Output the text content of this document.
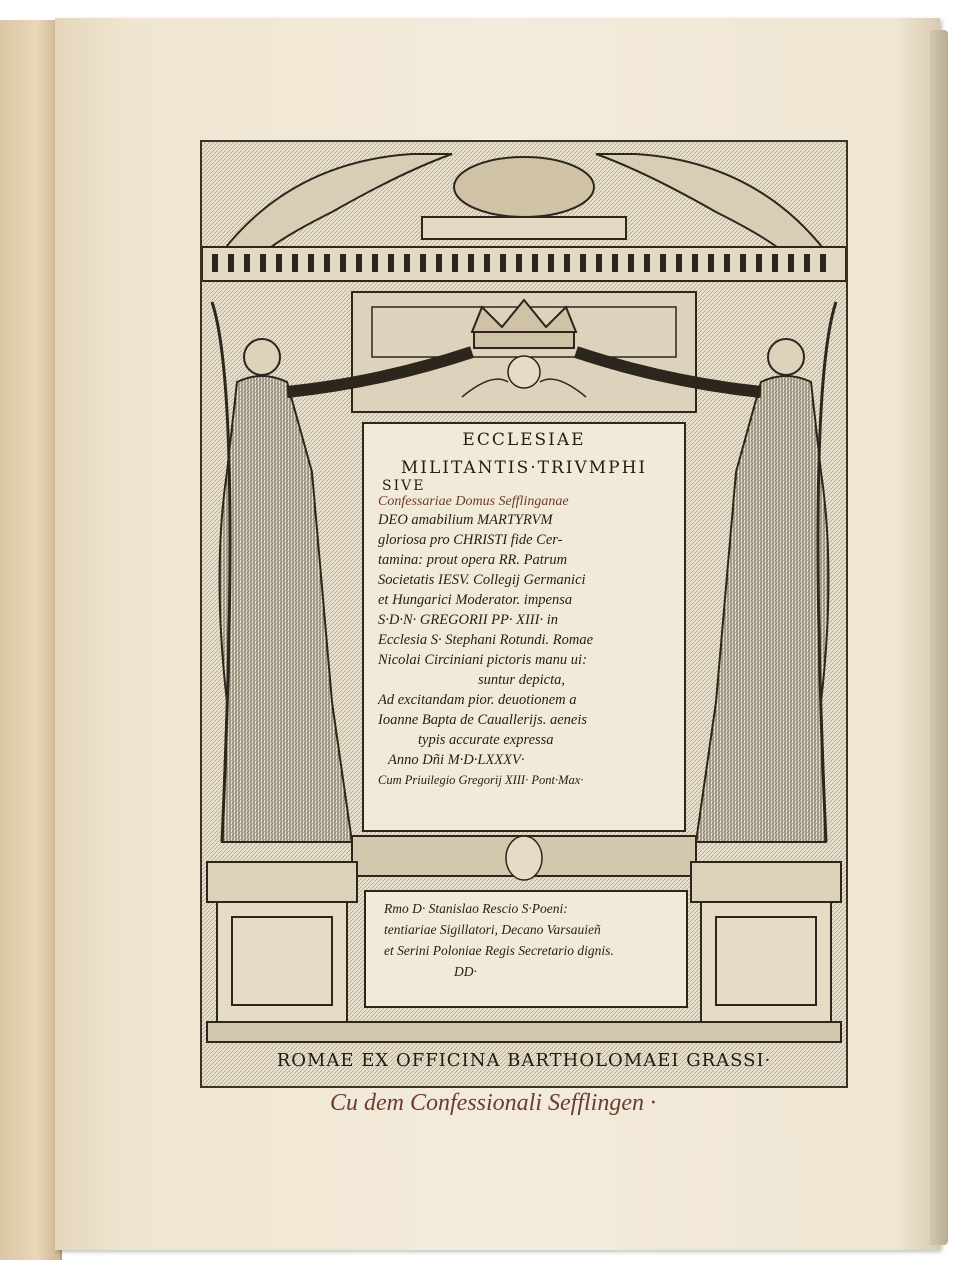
ECCLESIAE
MILITANTIS·TRIVMPHI
SIVE
Confessariae Domus Sefflinganae
DEO amabilium MARTYRVM
gloriosa pro CHRISTI fide Cer-
tamina: prout opera RR. Patrum
Societatis IESV. Collegij Germanici
et Hungarici Moderator. impensa
S·D·N· GREGORII PP· XIII· in
Ecclesia S· Stephani Rotundi. Romae
Nicolai Circiniani pictoris manu ui:
suntur depicta,
Ad excitandam pior. deuotionem a
Ioanne Bapta de Cauallerijs. aeneis
typis accurate expressa
Anno Dñi M·D·LXXXV·
Cum Priuilegio Gregorij XIII· Pont·Max·
Rmo D· Stanislao Rescio S·Poeni:
tentiariae Sigillatori, Decano Varsauieñ
et Serini Poloniae Regis Secretario dignis.
DD·
ROMAE EX OFFICINA BARTHOLOMAEI GRASSI·
Cu dem Confessionali Sefflingen ·
